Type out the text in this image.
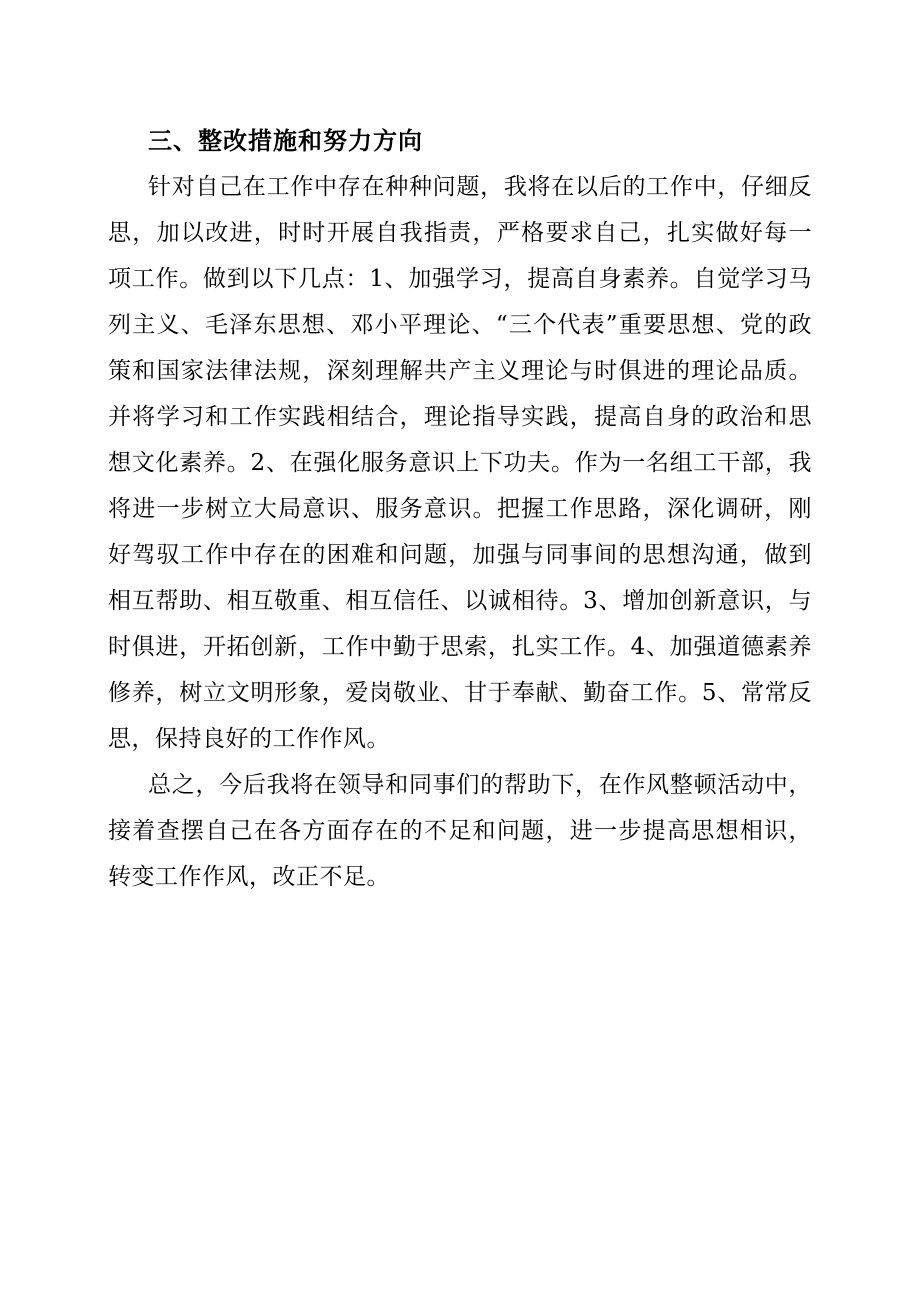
三、整改措施和努力方向

针对自己在工作中存在种种问题，我将在以后的工作中，仔细反思，加以改进，时时开展自我指责，严格要求自己，扎实做好每一项工作。做到以下几点：1、加强学习，提高自身素养。自觉学习马列主义、毛泽东思想、邓小平理论、“三个代表”重要思想、党的政策和国家法律法规，深刻理解共产主义理论与时俱进的理论品质。并将学习和工作实践相结合，理论指导实践，提高自身的政治和思想文化素养。2、在强化服务意识上下功夫。作为一名组工干部，我将进一步树立大局意识、服务意识。把握工作思路，深化调研，刚好驾驭工作中存在的困难和问题，加强与同事间的思想沟通，做到相互帮助、相互敬重、相互信任、以诚相待。3、增加创新意识，与时俱进，开拓创新，工作中勤于思索，扎实工作。4、加强道德素养修养，树立文明形象，爱岗敬业、甘于奉献、勤奋工作。5、常常反思，保持良好的工作作风。

总之，今后我将在领导和同事们的帮助下，在作风整顿活动中，接着查摆自己在各方面存在的不足和问题，进一步提高思想相识，转变工作作风，改正不足。
